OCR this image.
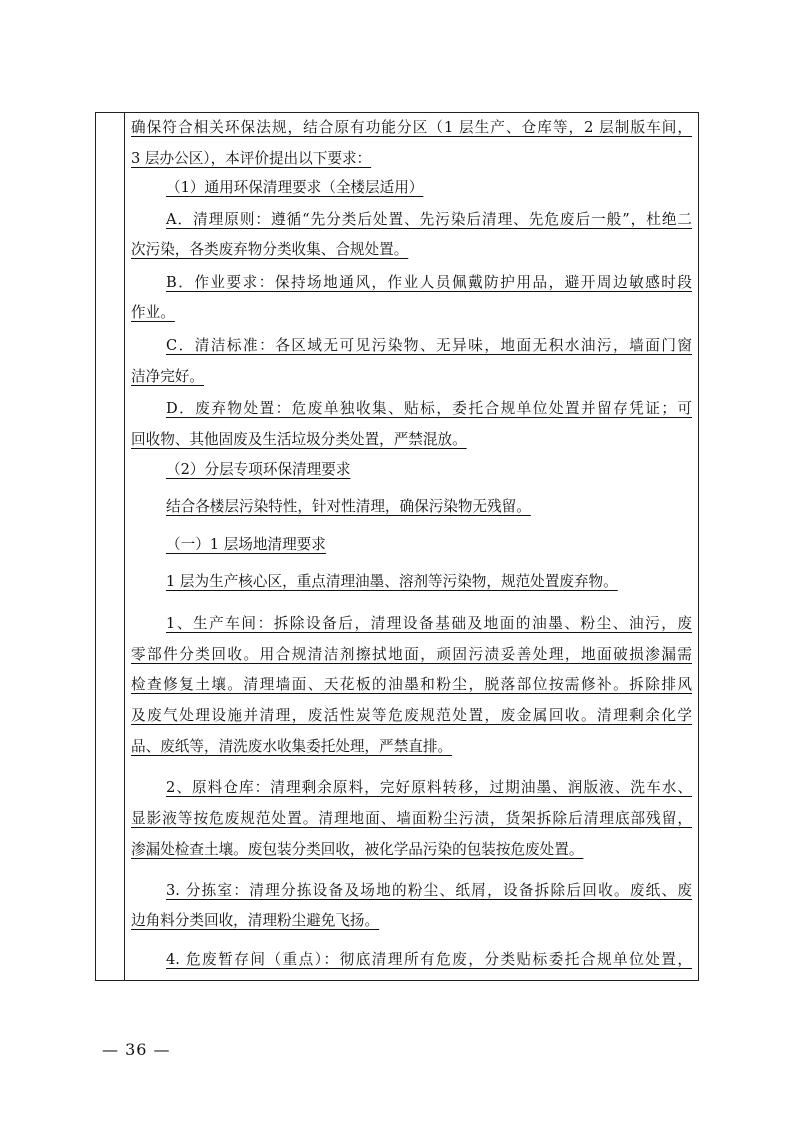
确保符合相关环保法规，结合原有功能分区（1 层生产、仓库等，2 层制版车间，
3 层办公区），本评价提出以下要求：
（1）通用环保清理要求（全楼层适用）
A．清理原则：遵循“先分类后处置、先污染后清理、先危废后一般”，杜绝二
次污染，各类废弃物分类收集、合规处置。
B．作业要求：保持场地通风，作业人员佩戴防护用品，避开周边敏感时段
作业。
C．清洁标准：各区域无可见污染物、无异味，地面无积水油污，墙面门窗
洁净完好。
D．废弃物处置：危废单独收集、贴标，委托合规单位处置并留存凭证；可
回收物、其他固废及生活垃圾分类处置，严禁混放。
（2）分层专项环保清理要求
结合各楼层污染特性，针对性清理，确保污染物无残留。
（一）1 层场地清理要求
1 层为生产核心区，重点清理油墨、溶剂等污染物，规范处置废弃物。
1、生产车间：拆除设备后，清理设备基础及地面的油墨、粉尘、油污，废
零部件分类回收。用合规清洁剂擦拭地面，顽固污渍妥善处理，地面破损渗漏需
检查修复土壤。清理墙面、天花板的油墨和粉尘，脱落部位按需修补。拆除排风
及废气处理设施并清理，废活性炭等危废规范处置，废金属回收。清理剩余化学
品、废纸等，清洗废水收集委托处理，严禁直排。
2、原料仓库：清理剩余原料，完好原料转移，过期油墨、润版液、洗车水、
显影液等按危废规范处置。清理地面、墙面粉尘污渍，货架拆除后清理底部残留，
渗漏处检查土壤。废包装分类回收，被化学品污染的包装按危废处置。
3. 分拣室：清理分拣设备及场地的粉尘、纸屑，设备拆除后回收。废纸、废
边角料分类回收，清理粉尘避免飞扬。
4. 危废暂存间（重点）：彻底清理所有危废，分类贴标委托合规单位处置，
— 36 —
